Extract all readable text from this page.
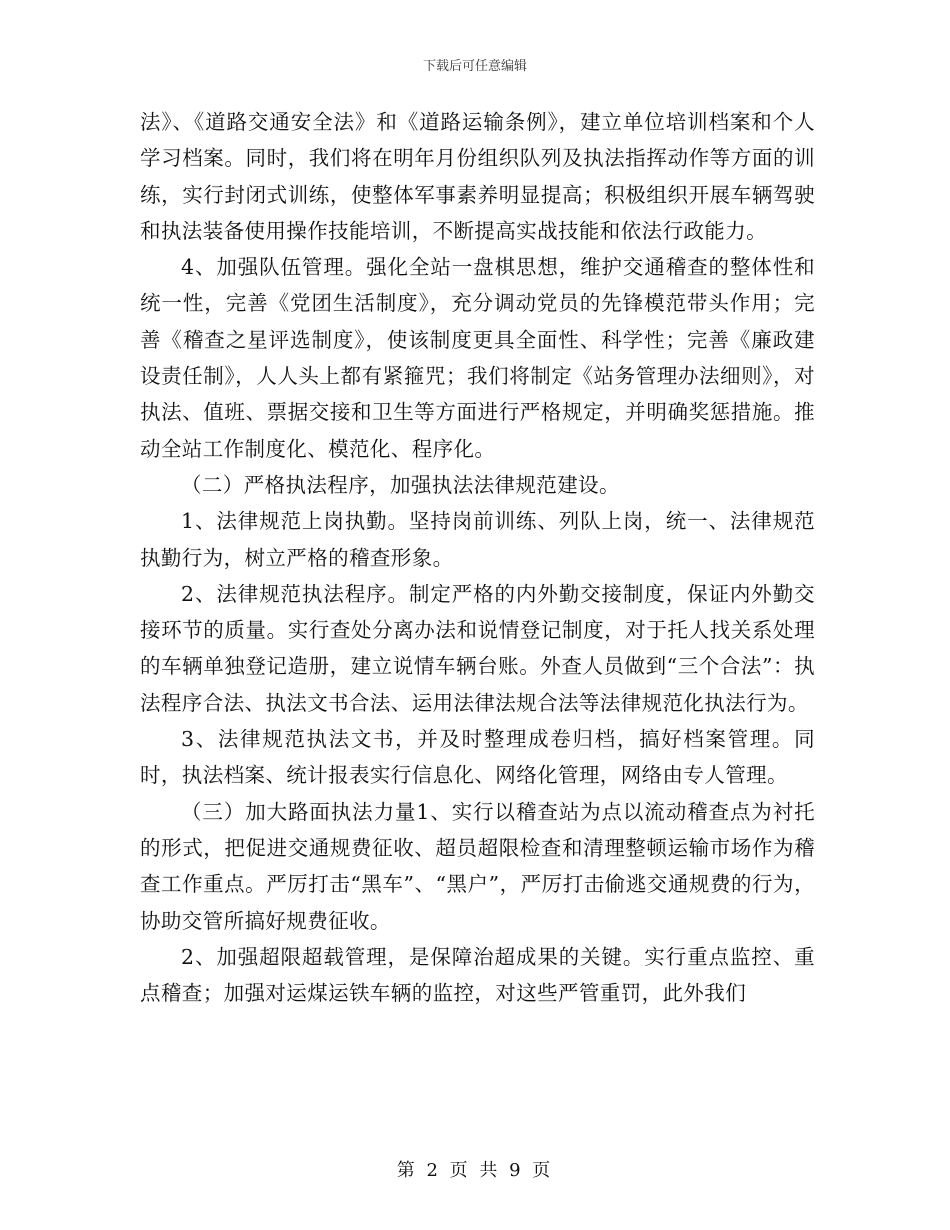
下载后可任意编辑

法》、《道路交通安全法》和《道路运输条例》，建立单位培训档案和个人学习档案。同时，我们将在明年月份组织队列及执法指挥动作等方面的训练，实行封闭式训练，使整体军事素养明显提高；积极组织开展车辆驾驶和执法装备使用操作技能培训，不断提高实战技能和依法行政能力。

4、加强队伍管理。强化全站一盘棋思想，维护交通稽查的整体性和统一性，完善《党团生活制度》，充分调动党员的先锋模范带头作用；完善《稽查之星评选制度》，使该制度更具全面性、科学性；完善《廉政建设责任制》，人人头上都有紧箍咒；我们将制定《站务管理办法细则》，对执法、值班、票据交接和卫生等方面进行严格规定，并明确奖惩措施。推动全站工作制度化、模范化、程序化。

（二）严格执法程序，加强执法法律规范建设。

1、法律规范上岗执勤。坚持岗前训练、列队上岗，统一、法律规范执勤行为，树立严格的稽查形象。

2、法律规范执法程序。制定严格的内外勤交接制度，保证内外勤交接环节的质量。实行查处分离办法和说情登记制度，对于托人找关系处理的车辆单独登记造册，建立说情车辆台账。外查人员做到“三个合法”：执法程序合法、执法文书合法、运用法律法规合法等法律规范化执法行为。

3、法律规范执法文书，并及时整理成卷归档，搞好档案管理。同时，执法档案、统计报表实行信息化、网络化管理，网络由专人管理。

（三）加大路面执法力量1、实行以稽查站为点以流动稽查点为衬托的形式，把促进交通规费征收、超员超限检查和清理整顿运输市场作为稽查工作重点。严厉打击“黑车”、“黑户”，严厉打击偷逃交通规费的行为，协助交管所搞好规费征收。

2、加强超限超载管理，是保障治超成果的关键。实行重点监控、重点稽查；加强对运煤运铁车辆的监控，对这些严管重罚，此外我们

第 2 页 共 9 页
